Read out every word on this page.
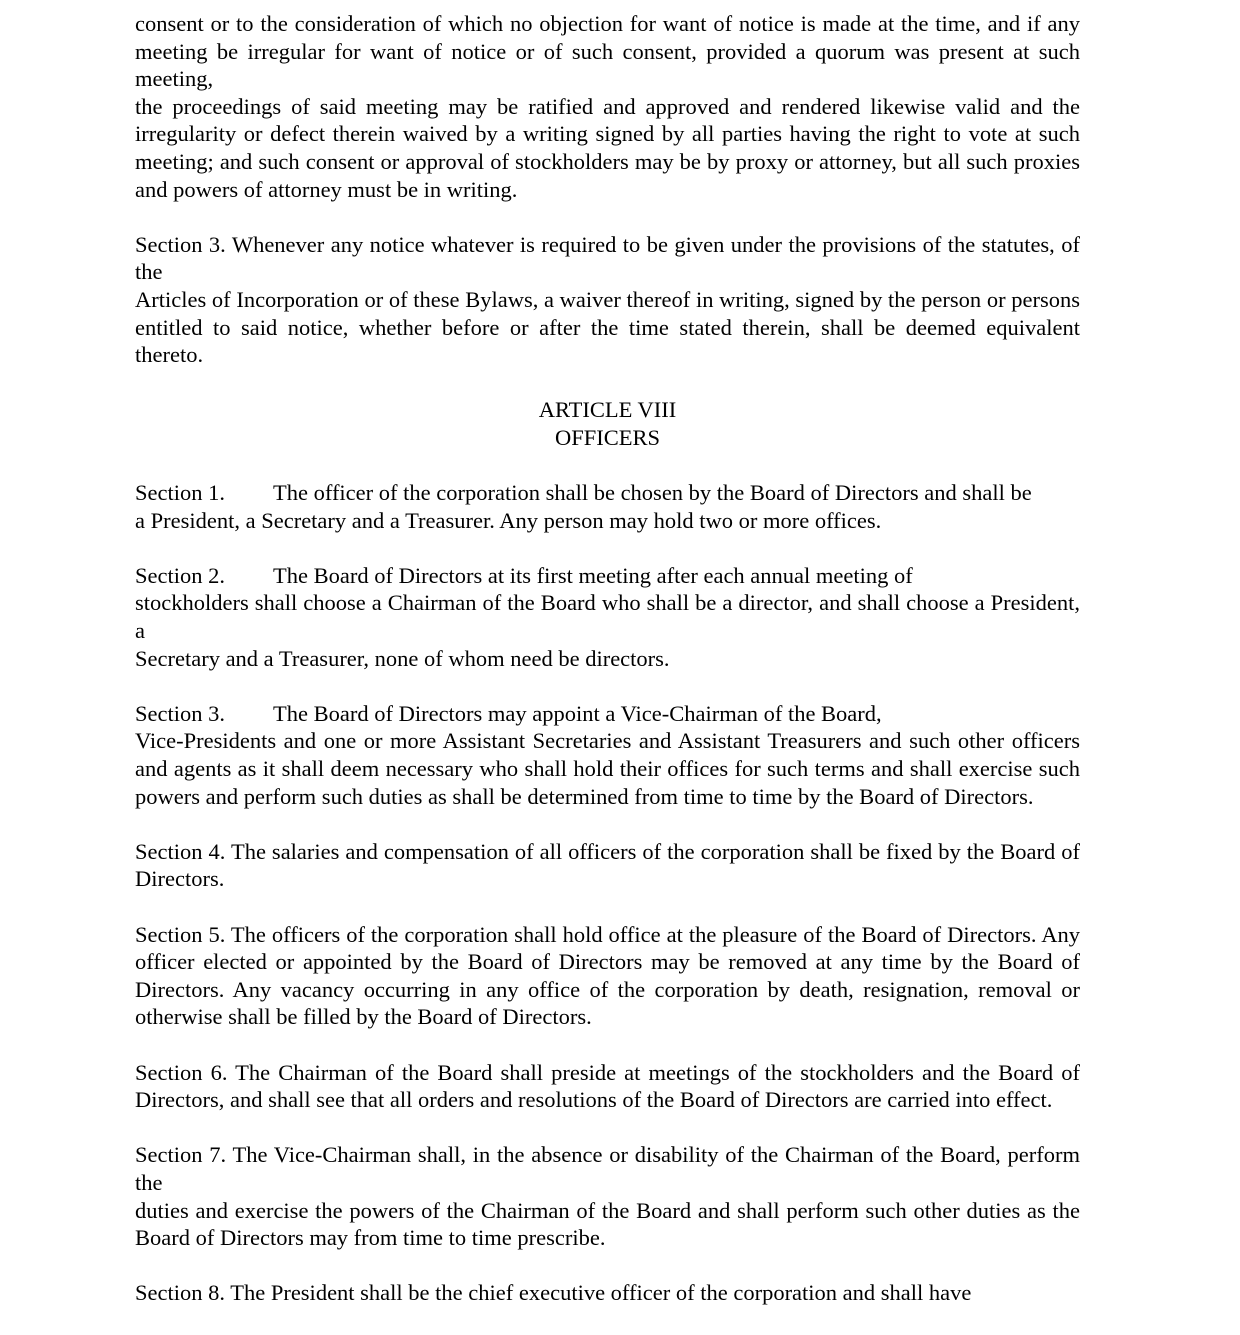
consent or to the consideration of which no objection for want of notice is made at the time, and if any
meeting be irregular for want of notice or of such consent, provided a quorum was present at such meeting,
the proceedings of said meeting may be ratified and approved and rendered likewise valid and the
irregularity or defect therein waived by a writing signed by all parties having the right to vote at such
meeting; and such consent or approval of stockholders may be by proxy or attorney, but all such proxies
and powers of attorney must be in writing.

Section 3. Whenever any notice whatever is required to be given under the provisions of the statutes, of the
Articles of Incorporation or of these Bylaws, a waiver thereof in writing, signed by the person or persons
entitled to said notice, whether before or after the time stated therein, shall be deemed equivalent thereto.

ARTICLE VIII
OFFICERS

Section 1. The officer of the corporation shall be chosen by the Board of Directors and shall be
a President, a Secretary and a Treasurer. Any person may hold two or more offices.

Section 2. The Board of Directors at its first meeting after each annual meeting of
stockholders shall choose a Chairman of the Board who shall be a director, and shall choose a President, a
Secretary and a Treasurer, none of whom need be directors.

Section 3. The Board of Directors may appoint a Vice-Chairman of the Board,
Vice-Presidents and one or more Assistant Secretaries and Assistant Treasurers and such other officers
and agents as it shall deem necessary who shall hold their offices for such terms and shall exercise such
powers and perform such duties as shall be determined from time to time by the Board of Directors.

Section 4. The salaries and compensation of all officers of the corporation shall be fixed by the Board of
Directors.

Section 5. The officers of the corporation shall hold office at the pleasure of the Board of Directors. Any
officer elected or appointed by the Board of Directors may be removed at any time by the Board of
Directors. Any vacancy occurring in any office of the corporation by death, resignation, removal or
otherwise shall be filled by the Board of Directors.

Section 6. The Chairman of the Board shall preside at meetings of the stockholders and the Board of
Directors, and shall see that all orders and resolutions of the Board of Directors are carried into effect.

Section 7. The Vice-Chairman shall, in the absence or disability of the Chairman of the Board, perform the
duties and exercise the powers of the Chairman of the Board and shall perform such other duties as the
Board of Directors may from time to time prescribe.

Section 8. The President shall be the chief executive officer of the corporation and shall have
